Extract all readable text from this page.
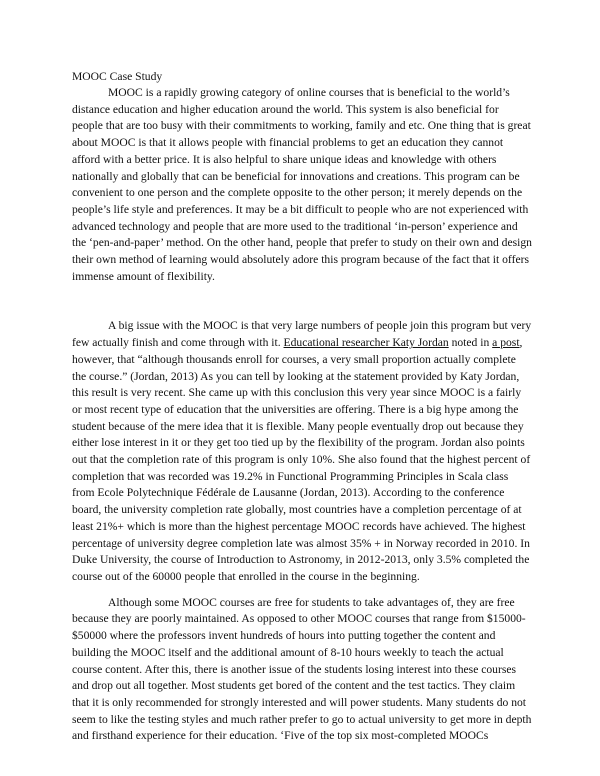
MOOC Case Study

MOOC is a rapidly growing category of online courses that is beneficial to the world’s distance education and higher education around the world. This system is also beneficial for people that are too busy with their commitments to working, family and etc. One thing that is great about MOOC is that it allows people with financial problems to get an education they cannot afford with a better price. It is also helpful to share unique ideas and knowledge with others nationally and globally that can be beneficial for innovations and creations. This program can be convenient to one person and the complete opposite to the other person; it merely depends on the people’s life style and preferences. It may be a bit difficult to people who are not experienced with advanced technology and people that are more used to the traditional ‘in-person’ experience and the ‘pen-and-paper’ method. On the other hand, people that prefer to study on their own and design their own method of learning would absolutely adore this program because of the fact that it offers immense amount of flexibility.

A big issue with the MOOC is that very large numbers of people join this program but very few actually finish and come through with it. Educational researcher Katy Jordan noted in a post, however, that “although thousands enroll for courses, a very small proportion actually complete the course.” (Jordan, 2013) As you can tell by looking at the statement provided by Katy Jordan, this result is very recent. She came up with this conclusion this very year since MOOC is a fairly or most recent type of education that the universities are offering. There is a big hype among the student because of the mere idea that it is flexible. Many people eventually drop out because they either lose interest in it or they get too tied up by the flexibility of the program. Jordan also points out that the completion rate of this program is only 10%. She also found that the highest percent of completion that was recorded was 19.2% in Functional Programming Principles in Scala class from Ecole Polytechnique Fédérale de Lausanne (Jordan, 2013). According to the conference board, the university completion rate globally, most countries have a completion percentage of at least 21%+ which is more than the highest percentage MOOC records have achieved. The highest percentage of university degree completion late was almost 35% + in Norway recorded in 2010. In Duke University, the course of Introduction to Astronomy, in 2012-2013, only 3.5% completed the course out of the 60000 people that enrolled in the course in the beginning.

Although some MOOC courses are free for students to take advantages of, they are free because they are poorly maintained. As opposed to other MOOC courses that range from $15000- $50000 where the professors invent hundreds of hours into putting together the content and building the MOOC itself and the additional amount of 8-10 hours weekly to teach the actual course content. After this, there is another issue of the students losing interest into these courses and drop out all together. Most students get bored of the content and the test tactics. They claim that it is only recommended for strongly interested and will power students. Many students do not seem to like the testing styles and much rather prefer to go to actual university to get more in depth and firsthand experience for their education. ‘Five of the top six most-completed MOOCs
